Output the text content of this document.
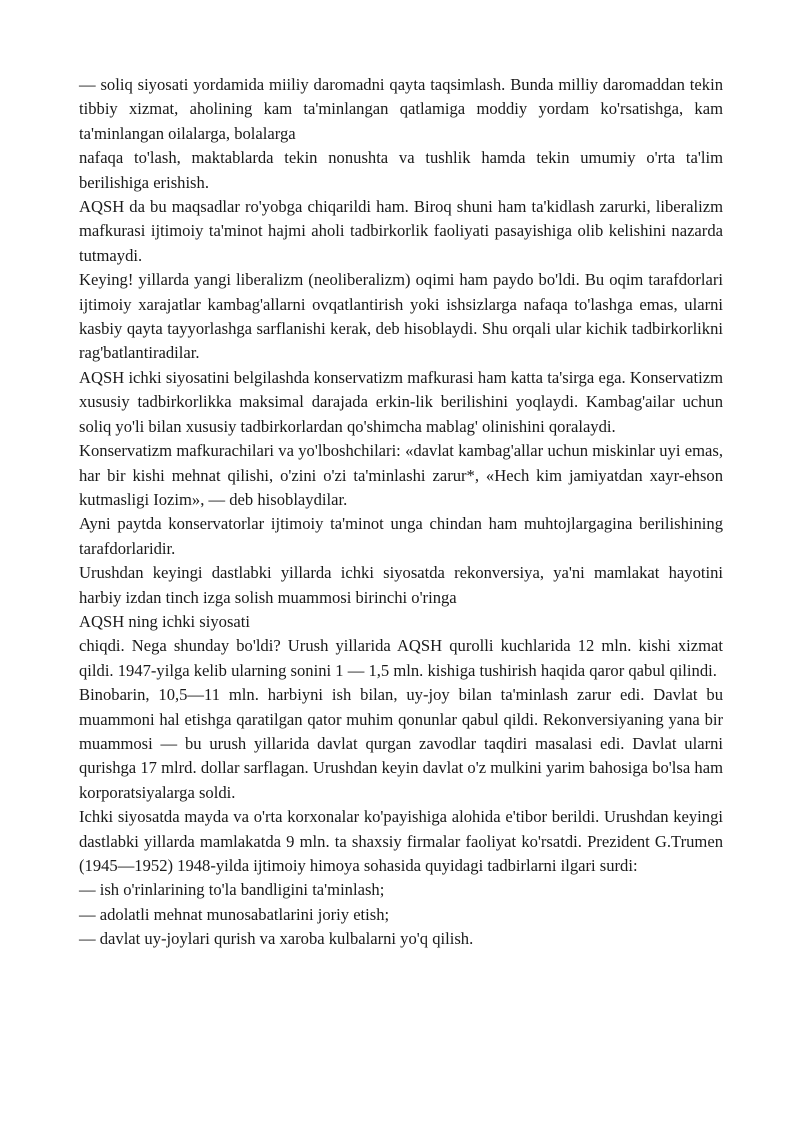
— soliq siyosati yordamida miiliy daromadni qayta taqsimlash. Bunda milliy daromaddan tekin tibbiy xizmat, aholining kam ta'minlangan qatlamiga moddiy yordam ko'rsatishga, kam ta'minlangan oilalarga, bolalarga

nafaqa to'lash, maktablarda tekin nonushta va tushlik hamda tekin umumiy o'rta ta'lim berilishiga erishish.

AQSH da bu maqsadlar ro'yobga chiqarildi ham. Biroq shuni ham ta'kidlash zarurki, liberalizm mafkurasi ijtimoiy ta'minot hajmi aholi tadbirkorlik faoliyati pasayishiga olib kelishini nazarda tutmaydi.

Keying! yillarda yangi liberalizm (neoliberalizm) oqimi ham paydo bo'ldi. Bu oqim tarafdorlari ijtimoiy xarajatlar kambag'allarni ovqatlantirish yoki ishsizlarga nafaqa to'lashga emas, ularni kasbiy qayta tayyorlashga sarflanishi kerak, deb hisoblaydi. Shu orqali ular kichik tadbirkorlikni rag'batlantiradilar.

AQSH ichki siyosatini belgilashda konservatizm mafkurasi ham katta ta'sirga ega. Konservatizm xususiy tadbirkorlikka maksimal darajada erkin-lik berilishini yoqlaydi. Kambag'ailar uchun soliq yo'li bilan xususiy tadbirkorlardan qo'shimcha mablag' olinishini qoralaydi.

Konservatizm mafkurachilari va yo'lboshchilari: «davlat kambag'allar uchun miskinlar uyi emas, har bir kishi mehnat qilishi, o'zini o'zi ta'minlashi zarur*, «Hech kim jamiyatdan xayr-ehson kutmasligi Iozim», — deb hisoblaydilar.

Ayni paytda konservatorlar ijtimoiy ta'minot unga chindan ham muhtojlargagina berilishining tarafdorlaridir.

Urushdan keyingi dastlabki yillarda ichki siyosatda rekonversiya, ya'ni mamlakat hayotini harbiy izdan tinch izga solish muammosi birinchi o'ringa

AQSH ning ichki siyosati

chiqdi. Nega shunday bo'ldi? Urush yillarida AQSH qurolli kuchlarida 12 mln. kishi xizmat qildi. 1947-yilga kelib ularning sonini 1 — 1,5 mln. kishiga tushirish haqida qaror qabul qilindi.

Binobarin, 10,5—11 mln. harbiyni ish bilan, uy-joy bilan ta'minlash zarur edi. Davlat bu muammoni hal etishga qaratilgan qator muhim qonunlar qabul qildi. Rekonversiyaning yana bir muammosi — bu urush yillarida davlat qurgan zavodlar taqdiri masalasi edi. Davlat ularni qurishga 17 mlrd. dollar sarflagan. Urushdan keyin davlat o'z mulkini yarim bahosiga bo'lsa ham korporatsiyalarga soldi.

Ichki siyosatda mayda va o'rta korxonalar ko'payishiga alohida e'tibor berildi. Urushdan keyingi dastlabki yillarda mamlakatda 9 mln. ta shaxsiy firmalar faoliyat ko'rsatdi. Prezident G.Trumen (1945—1952) 1948-yilda ijtimoiy himoya sohasida quyidagi tadbirlarni ilgari surdi:

— ish o'rinlarining to'la bandligini ta'minlash;

— adolatli mehnat munosabatlarini joriy etish;

— davlat uy-joylari qurish va xaroba kulbalarni yo'q qilish.
